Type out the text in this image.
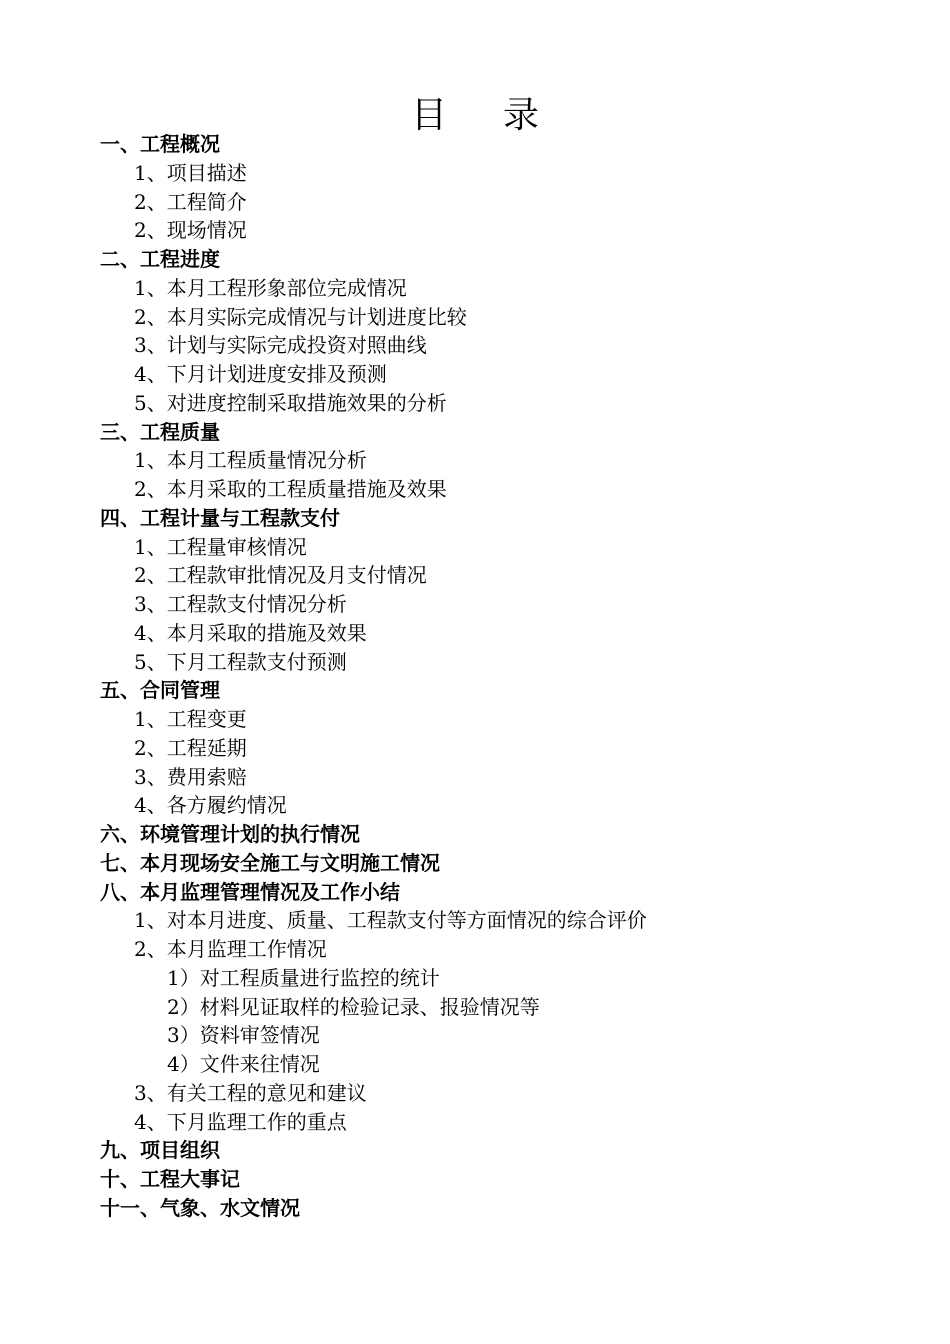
目 录
一、工程概况
1、项目描述
2、工程简介
2、现场情况
二、工程进度
1、本月工程形象部位完成情况
2、本月实际完成情况与计划进度比较
3、计划与实际完成投资对照曲线
4、下月计划进度安排及预测
5、对进度控制采取措施效果的分析
三、工程质量
1、本月工程质量情况分析
2、本月采取的工程质量措施及效果
四、工程计量与工程款支付
1、工程量审核情况
2、工程款审批情况及月支付情况
3、工程款支付情况分析
4、本月采取的措施及效果
5、下月工程款支付预测
五、合同管理
1、工程变更
2、工程延期
3、费用索赔
4、各方履约情况
六、环境管理计划的执行情况
七、本月现场安全施工与文明施工情况
八、本月监理管理情况及工作小结
1、对本月进度、质量、工程款支付等方面情况的综合评价
2、本月监理工作情况
1）对工程质量进行监控的统计
2）材料见证取样的检验记录、报验情况等
3）资料审签情况
4）文件来往情况
3、有关工程的意见和建议
4、下月监理工作的重点
九、项目组织
十、工程大事记
十一、气象、水文情况
